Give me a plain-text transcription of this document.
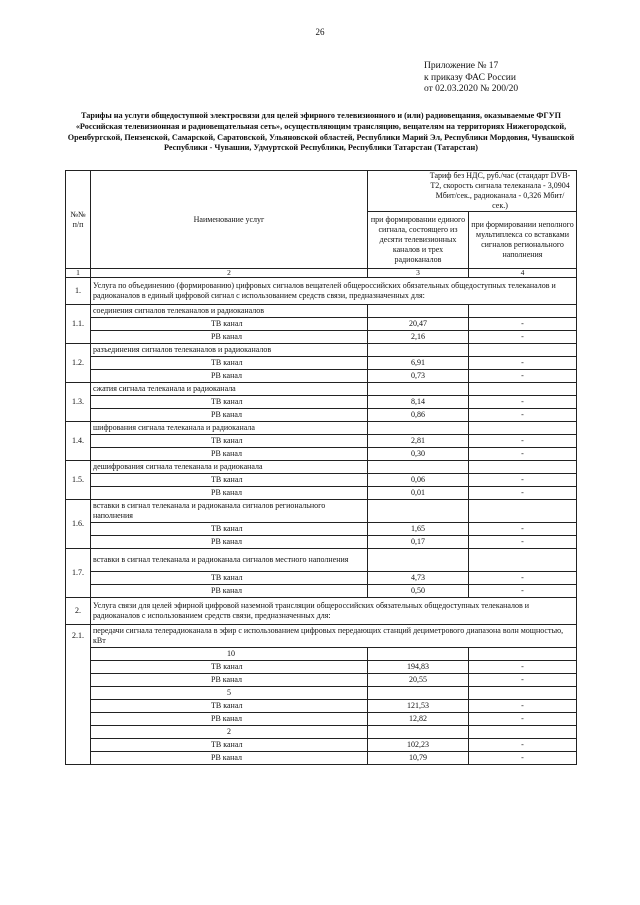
26
Приложение № 17
к приказу ФАС России
от 02.03.2020 № 200/20
Тарифы на услуги общедоступной электросвязи для целей эфирного телевизионного и (или) радиовещания, оказываемые ФГУП «Российская телевизионная и радиовещательная сеть», осуществляющим трансляцию, вещателям на территориях Нижегородской, Оренбургской, Пензенской, Самарской, Саратовской, Ульяновской областей, Республики Марий Эл, Республики Мордовия, Чувашской Республики - Чувашии, Удмуртской Республики, Республики Татарстан (Татарстан)
№№ п/п	Наименование услуг	Тариф без НДС, руб./час (стандарт DVB-T2, скорость сигнала телеканала - 3,0904 Мбит/сек., радиоканала - 0,326 Мбит/сек.)	
		при формировании единого сигнала, состоящего из десяти телевизионных каналов и трех радиоканалов	при формировании неполного мультиплекса со вставками сигналов регионального наполнения
1	2	3	4
1.	Услуга по объединению (формированию) цифровых сигналов вещателей общероссийских обязательных общедоступных телеканалов и радиоканалов в единый цифровой сигнал с использованием средств связи, предназначенных для:		
1.1.	соединения сигналов телеканалов и радиоканалов		
	ТВ канал	20,47	-
	РВ канал	2,16	-
1.2.	разъединения сигналов телеканалов и радиоканалов		
	ТВ канал	6,91	-
	РВ канал	0,73	-
1.3.	сжатия сигнала телеканала и радиоканала		
	ТВ канал	8,14	-
	РВ канал	0,86	-
1.4.	шифрования сигнала телеканала и радиоканала		
	ТВ канал	2,81	-
	РВ канал	0,30	-
1.5.	дешифрования сигнала телеканала и радиоканала		
	ТВ канал	0,06	-
	РВ канал	0,01	-
1.6.	вставки в сигнал телеканала и радиоканала сигналов регионального наполнения		
	ТВ канал	1,65	-
	РВ канал	0,17	-
1.7.	вставки в сигнал телеканала и радиоканала сигналов местного наполнения		
	ТВ канал	4,73	-
	РВ канал	0,50	-
2.	Услуга связи для целей эфирной цифровой наземной трансляции общероссийских обязательных общедоступных телеканалов и радиоканалов с использованием средств связи, предназначенных для:		
2.1.	передачи сигнала телерадиоканала в эфир с использованием цифровых передающих станций дециметрового диапазона волн мощностью, кВт		
	10		
	ТВ канал	194,83	-
	РВ канал	20,55	-
	5		
	ТВ канал	121,53	-
	РВ канал	12,82	-
	2		
	ТВ канал	102,23	-
	РВ канал	10,79	-
